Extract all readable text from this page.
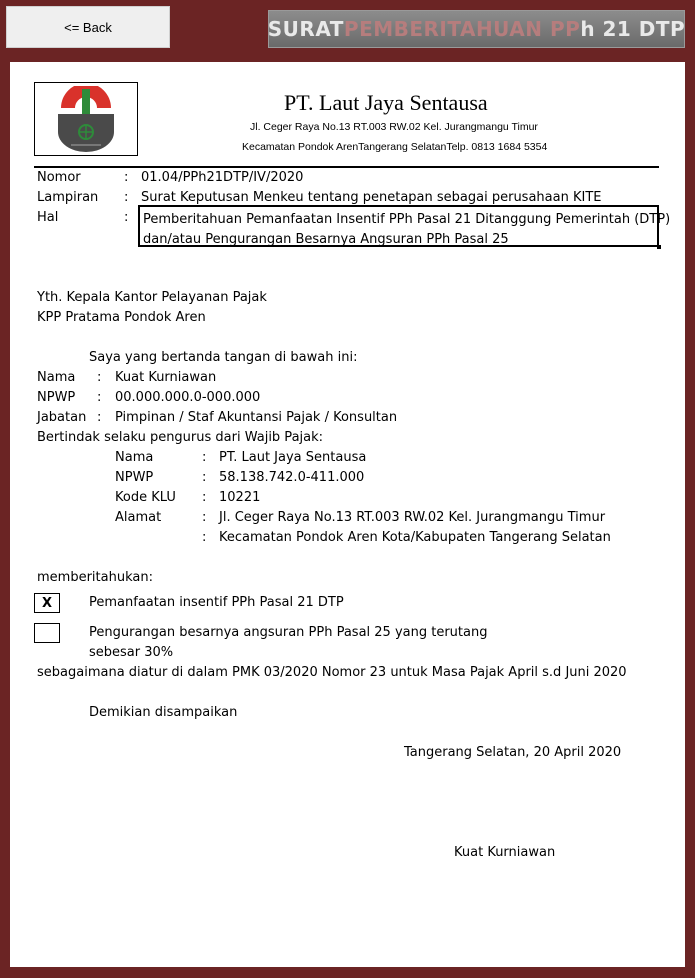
<= Back	SURAT PEMBERITAHUAN PP h 21 DTP
PT. Laut Jaya Sentausa
Jl. Ceger Raya No.13 RT.003 RW.02 Kel. Jurangmangu Timur
Kecamatan Pondok ArenTangerang SelatanTelp. 0813 1684 5354
Nomor	: 01.04/PPh21DTP/IV/2020
Lampiran : Surat Keputusan Menkeu tentang penetapan sebagai perusahaan KITE
Hal	: Pemberitahuan Pemanfaatan Insentif PPh Pasal 21 Ditanggung Pemerintah (DTP)
dan/atau Pengurangan Besarnya Angsuran PPh Pasal 25
Yth. Kepala Kantor Pelayanan Pajak
KPP Pratama Pondok Aren
Saya yang bertanda tangan di bawah ini:
Nama : Kuat Kurniawan
NPWP : 00.000.000.0-000.000
Jabatan : Pimpinan / Staf Akuntansi Pajak / Konsultan
Bertindak selaku pengurus dari Wajib Pajak:
Nama	: PT. Laut Jaya Sentausa
NPWP	: 58.138.742.0-411.000
Kode KLU : 10221
Alamat	: Jl. Ceger Raya No.13 RT.003 RW.02 Kel. Jurangmangu Timur
: Kecamatan Pondok Aren Kota/Kabupaten Tangerang Selatan
memberitahukan:
X	Pemanfaatan insentif PPh Pasal 21 DTP
Pengurangan besarnya angsuran PPh Pasal 25 yang terutang
sebesar 30%
sebagaimana diatur di dalam PMK 03/2020 Nomor 23 untuk Masa Pajak April s.d Juni 2020
Demikian disampaikan
Tangerang Selatan, 20 April 2020
Kuat Kurniawan
